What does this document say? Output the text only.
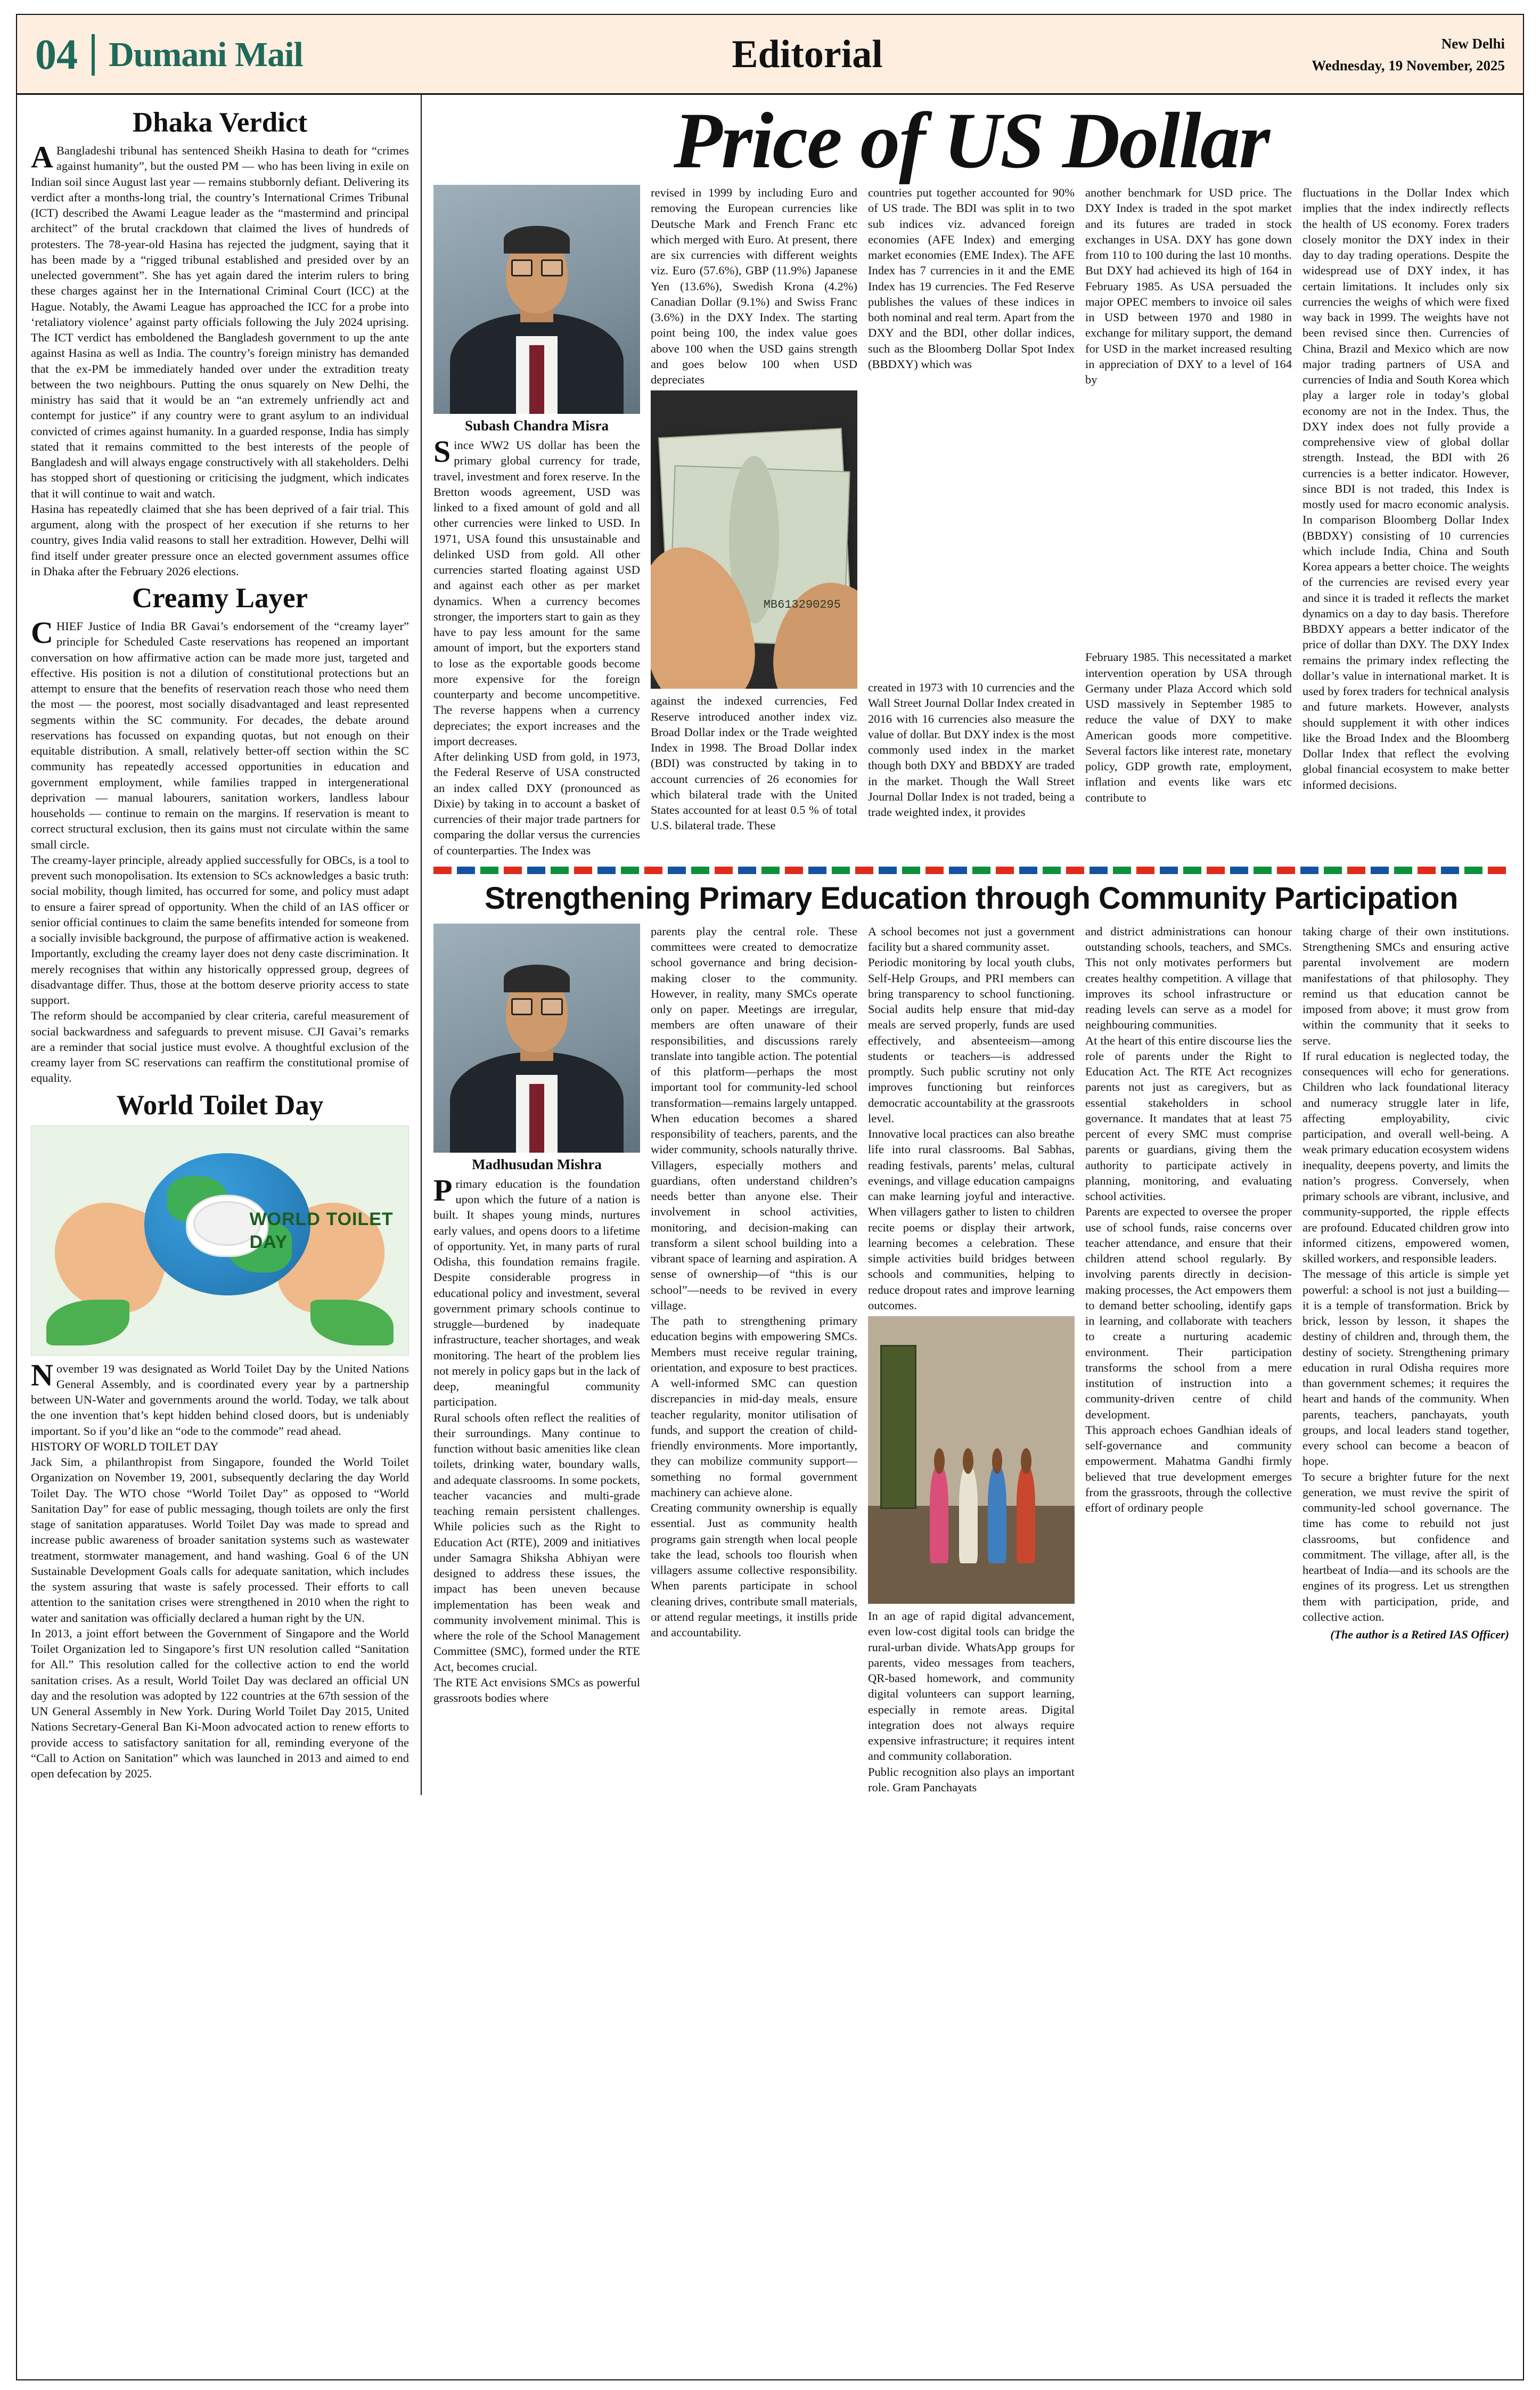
04 Dumani Mail	Editorial	New Delhi
Wednesday, 19 November, 2025
Dhaka Verdict

ABangladeshi tribunal has sentenced Sheikh Hasina to death for “crimes against humanity”, but the ousted PM — who has been living in exile on Indian soil since August last year — remains stubbornly defiant. Delivering its verdict after a months-long trial, the country’s International Crimes Tribunal (ICT) described the Awami League leader as the “mastermind and principal architect” of the brutal crackdown that claimed the lives of hundreds of protesters. The 78-year-old Hasina has rejected the judgment, saying that it has been made by a “rigged tribunal established and presided over by an unelected government”. She has yet again dared the interim rulers to bring these charges against her in the International Criminal Court (ICC) at the Hague. Notably, the Awami League has approached the ICC for a probe into ‘retaliatory violence’ against party officials following the July 2024 uprising. The ICT verdict has emboldened the Bangladesh government to up the ante against Hasina as well as India. The country’s foreign ministry has demanded that the ex-PM be immediately handed over under the extradition treaty between the two neighbours. Putting the onus squarely on New Delhi, the ministry has said that it would be an “an extremely unfriendly act and contempt for justice” if any country were to grant asylum to an individual convicted of crimes against humanity. In a guarded response, India has simply stated that it remains committed to the best interests of the people of Bangladesh and will always engage constructively with all stakeholders. Delhi has stopped short of questioning or criticising the judgment, which indicates that it will continue to wait and watch.

Hasina has repeatedly claimed that she has been deprived of a fair trial. This argument, along with the prospect of her execution if she returns to her country, gives India valid reasons to stall her extradition. However, Delhi will find itself under greater pressure once an elected government assumes office in Dhaka after the February 2026 elections.

Creamy Layer

CHIEF Justice of India BR Gavai’s endorsement of the “creamy layer” principle for Scheduled Caste reservations has reopened an important conversation on how affirmative action can be made more just, targeted and effective. His position is not a dilution of constitutional protections but an attempt to ensure that the benefits of reservation reach those who need them the most — the poorest, most socially disadvantaged and least represented segments within the SC community. For decades, the debate around reservations has focussed on expanding quotas, but not enough on their equitable distribution. A small, relatively better-off section within the SC community has repeatedly accessed opportunities in education and government employment, while families trapped in intergenerational deprivation — manual labourers, sanitation workers, landless labour households — continue to remain on the margins. If reservation is meant to correct structural exclusion, then its gains must not circulate within the same small circle.

The creamy-layer principle, already applied successfully for OBCs, is a tool to prevent such monopolisation. Its extension to SCs acknowledges a basic truth: social mobility, though limited, has occurred for some, and policy must adapt to ensure a fairer spread of opportunity. When the child of an IAS officer or senior official continues to claim the same benefits intended for someone from a socially invisible background, the purpose of affirmative action is weakened. Importantly, excluding the creamy layer does not deny caste discrimination. It merely recognises that within any historically oppressed group, degrees of disadvantage differ. Thus, those at the bottom deserve priority access to state support.

The reform should be accompanied by clear criteria, careful measurement of social backwardness and safeguards to prevent misuse. CJI Gavai’s remarks are a reminder that social justice must evolve. A thoughtful exclusion of the creamy layer from SC reservations can reaffirm the constitutional promise of equality.

World Toilet Day
WORLD TOILET
DAY

November 19 was designated as World Toilet Day by the United Nations General Assembly, and is coordinated every year by a partnership between UN-Water and governments around the world. Today, we talk about the one invention that’s kept hidden behind closed doors, but is undeniably important. So if you’d like an “ode to the commode” read ahead.

HISTORY OF WORLD TOILET DAY

Jack Sim, a philanthropist from Singapore, founded the World Toilet Organization on November 19, 2001, subsequently declaring the day World Toilet Day. The WTO chose “World Toilet Day” as opposed to “World Sanitation Day” for ease of public messaging, though toilets are only the first stage of sanitation apparatuses. World Toilet Day was made to spread and increase public awareness of broader sanitation systems such as wastewater treatment, stormwater management, and hand washing. Goal 6 of the UN Sustainable Development Goals calls for adequate sanitation, which includes the system assuring that waste is safely processed. Their efforts to call attention to the sanitation crises were strengthened in 2010 when the right to water and sanitation was officially declared a human right by the UN.

In 2013, a joint effort between the Government of Singapore and the World Toilet Organization led to Singapore’s first UN resolution called “Sanitation for All.” This resolution called for the collective action to end the world sanitation crises. As a result, World Toilet Day was declared an official UN day and the resolution was adopted by 122 countries at the 67th session of the UN General Assembly in New York. During World Toilet Day 2015, United Nations Secretary-General Ban Ki-Moon advocated action to renew efforts to provide access to satisfactory sanitation for all, reminding everyone of the “Call to Action on Sanitation” which was launched in 2013 and aimed to end open defecation by 2025.

Price of US Dollar
Subash Chandra Misra

Since WW2 US dollar has been the primary global currency for trade, travel, investment and forex reserve. In the Bretton woods agreement, USD was linked to a fixed amount of gold and all other currencies were linked to USD. In 1971, USA found this unsustainable and delinked USD from gold. All other currencies started floating against USD and against each other as per market dynamics. When a currency becomes stronger, the importers start to gain as they have to pay less amount for the same amount of import, but the exporters stand to lose as the exportable goods become more expensive for the foreign counterparty and become uncompetitive. The reverse happens when a currency depreciates; the export increases and the import decreases.

After delinking USD from gold, in 1973, the Federal Reserve of USA constructed an index called DXY (pronounced as Dixie) by taking in to account a basket of currencies of their major trade partners for comparing the dollar versus the currencies of counterparties. The Index was

revised in 1999 by including Euro and removing the European currencies like Deutsche Mark and French Franc etc which merged with Euro. At present, there are six currencies with different weights viz. Euro (57.6%), GBP (11.9%) Japanese Yen (13.6%), Swedish Krona (4.2%) Canadian Dollar (9.1%) and Swiss Franc (3.6%) in the DXY Index. The starting point being 100, the index value goes above 100 when the USD gains strength and goes below 100 when USD depreciates

MB613290295

against the indexed currencies, Fed Reserve introduced another index viz. Broad Dollar index or the Trade weighted Index in 1998. The Broad Dollar index (BDI) was constructed by taking in to account currencies of 26 economies for which bilateral trade with the United States accounted for at least 0.5 % of total U.S. bilateral trade. These

countries put together accounted for 90% of US trade. The BDI was split in to two sub indices viz. advanced foreign economies (AFE Index) and emerging market economies (EME Index). The AFE Index has 7 currencies in it and the EME Index has 19 currencies. The Fed Reserve publishes the values of these indices in both nominal and real term. Apart from the DXY and the BDI, other dollar indices, such as the Bloomberg Dollar Spot Index (BBDXY) which was

created in 1973 with 10 currencies and the Wall Street Journal Dollar Index created in 2016 with 16 currencies also measure the value of dollar. But DXY index is the most commonly used index in the market though both DXY and BBDXY are traded in the market. Though the Wall Street Journal Dollar Index is not traded, being a trade weighted index, it provides

another benchmark for USD price. The DXY Index is traded in the spot market and its futures are traded in stock exchanges in USA. DXY has gone down from 110 to 100 during the last 10 months. But DXY had achieved its high of 164 in February 1985. As USA persuaded the major OPEC members to invoice oil sales in USD between 1970 and 1980 in exchange for military support, the demand for USD in the market increased resulting in appreciation of DXY to a level of 164 by

February 1985. This necessitated a market intervention operation by USA through Germany under Plaza Accord which sold USD massively in September 1985 to reduce the value of DXY to make American goods more competitive. Several factors like interest rate, monetary policy, GDP growth rate, employment, inflation and events like wars etc contribute to

fluctuations in the Dollar Index which implies that the index indirectly reflects the health of US economy. Forex traders closely monitor the DXY index in their day to day trading operations. Despite the widespread use of DXY index, it has certain limitations. It includes only six currencies the weighs of which were fixed way back in 1999. The weights have not been revised since then. Currencies of China, Brazil and Mexico which are now major trading partners of USA and currencies of India and South Korea which play a larger role in today’s global economy are not in the Index. Thus, the DXY index does not fully provide a comprehensive view of global dollar strength. Instead, the BDI with 26 currencies is a better indicator. However, since BDI is not traded, this Index is mostly used for macro economic analysis. In comparison Bloomberg Dollar Index (BBDXY) consisting of 10 currencies which include India, China and South Korea appears a better choice. The weights of the currencies are revised every year and since it is traded it reflects the market dynamics on a day to day basis. Therefore BBDXY appears a better indicator of the price of dollar than DXY. The DXY Index remains the primary index reflecting the dollar’s value in international market. It is used by forex traders for technical analysis and future markets. However, analysts should supplement it with other indices like the Broad Index and the Bloomberg Dollar Index that reflect the evolving global financial ecosystem to make better informed decisions.

Strengthening Primary Education through Community Participation
Madhusudan Mishra

Primary education is the foundation upon which the future of a nation is built. It shapes young minds, nurtures early values, and opens doors to a lifetime of opportunity. Yet, in many parts of rural Odisha, this foundation remains fragile. Despite considerable progress in educational policy and investment, several government primary schools continue to struggle—burdened by inadequate infrastructure, teacher shortages, and weak monitoring. The heart of the problem lies not merely in policy gaps but in the lack of deep, meaningful community participation.

Rural schools often reflect the realities of their surroundings. Many continue to function without basic amenities like clean toilets, drinking water, boundary walls, and adequate classrooms. In some pockets, teacher vacancies and multi-grade teaching remain persistent challenges. While policies such as the Right to Education Act (RTE), 2009 and initiatives under Samagra Shiksha Abhiyan were designed to address these issues, the impact has been uneven because implementation has been weak and community involvement minimal. This is where the role of the School Management Committee (SMC), formed under the RTE Act, becomes crucial.

The RTE Act envisions SMCs as powerful grassroots bodies where

parents play the central role. These committees were created to democratize school governance and bring decision-making closer to the community. However, in reality, many SMCs operate only on paper. Meetings are irregular, members are often unaware of their responsibilities, and discussions rarely translate into tangible action. The potential of this platform—perhaps the most important tool for community-led school transformation—remains largely untapped.

When education becomes a shared responsibility of teachers, parents, and the wider community, schools naturally thrive. Villagers, especially mothers and guardians, often understand children’s needs better than anyone else. Their involvement in school activities, monitoring, and decision-making can transform a silent school building into a vibrant space of learning and aspiration. A sense of ownership—of “this is our school”—needs to be revived in every village.

The path to strengthening primary education begins with empowering SMCs. Members must receive regular training, orientation, and exposure to best practices. A well-informed SMC can question discrepancies in mid-day meals, ensure teacher regularity, monitor utilisation of funds, and support the creation of child-friendly environments. More importantly, they can mobilize community support—something no formal government machinery can achieve alone.

Creating community ownership is equally essential. Just as community health programs gain strength when local people take the lead, schools too flourish when villagers assume collective responsibility. When parents participate in school cleaning drives, contribute small materials, or attend regular meetings, it instills pride and accountability.

A school becomes not just a government facility but a shared community asset.

Periodic monitoring by local youth clubs, Self-Help Groups, and PRI members can bring transparency to school functioning. Social audits help ensure that mid-day meals are served properly, funds are used effectively, and absenteeism—among students or teachers—is addressed promptly. Such public scrutiny not only improves functioning but reinforces democratic accountability at the grassroots level.

Innovative local practices can also breathe life into rural classrooms. Bal Sabhas, reading festivals, parents’ melas, cultural evenings, and village education campaigns can make learning joyful and interactive. When villagers gather to listen to children recite poems or display their artwork, learning becomes a celebration. These simple activities build bridges between schools and communities, helping to reduce dropout rates and improve learning outcomes.

In an age of rapid digital advancement, even low-cost digital tools can bridge the rural-urban divide. WhatsApp groups for parents, video messages from teachers, QR-based homework, and community digital volunteers can support learning, especially in remote areas. Digital integration does not always require expensive infrastructure; it requires intent and community collaboration.

Public recognition also plays an important role. Gram Panchayats

and district administrations can honour outstanding schools, teachers, and SMCs. This not only motivates performers but creates healthy competition. A village that improves its school infrastructure or reading levels can serve as a model for neighbouring communities.

At the heart of this entire discourse lies the role of parents under the Right to Education Act. The RTE Act recognizes parents not just as caregivers, but as essential stakeholders in school governance. It mandates that at least 75 percent of every SMC must comprise parents or guardians, giving them the authority to participate actively in planning, monitoring, and evaluating school activities.

Parents are expected to oversee the proper use of school funds, raise concerns over teacher attendance, and ensure that their children attend school regularly. By involving parents directly in decision-making processes, the Act empowers them to demand better schooling, identify gaps in learning, and collaborate with teachers to create a nurturing academic environment. Their participation transforms the school from a mere institution of instruction into a community-driven centre of child development.

This approach echoes Gandhian ideals of self-governance and community empowerment. Mahatma Gandhi firmly believed that true development emerges from the grassroots, through the collective effort of ordinary people

taking charge of their own institutions. Strengthening SMCs and ensuring active parental involvement are modern manifestations of that philosophy. They remind us that education cannot be imposed from above; it must grow from within the community that it seeks to serve.

If rural education is neglected today, the consequences will echo for generations. Children who lack foundational literacy and numeracy struggle later in life, affecting employability, civic participation, and overall well-being. A weak primary education ecosystem widens inequality, deepens poverty, and limits the nation’s progress. Conversely, when primary schools are vibrant, inclusive, and community-supported, the ripple effects are profound. Educated children grow into informed citizens, empowered women, skilled workers, and responsible leaders.

The message of this article is simple yet powerful: a school is not just a building—it is a temple of transformation. Brick by brick, lesson by lesson, it shapes the destiny of children and, through them, the destiny of society. Strengthening primary education in rural Odisha requires more than government schemes; it requires the heart and hands of the community. When parents, teachers, panchayats, youth groups, and local leaders stand together, every school can become a beacon of hope.

To secure a brighter future for the next generation, we must revive the spirit of community-led school governance. The time has come to rebuild not just classrooms, but confidence and commitment. The village, after all, is the heartbeat of India—and its schools are the engines of its progress. Let us strengthen them with participation, pride, and collective action.

(The author is a Retired IAS Officer)
